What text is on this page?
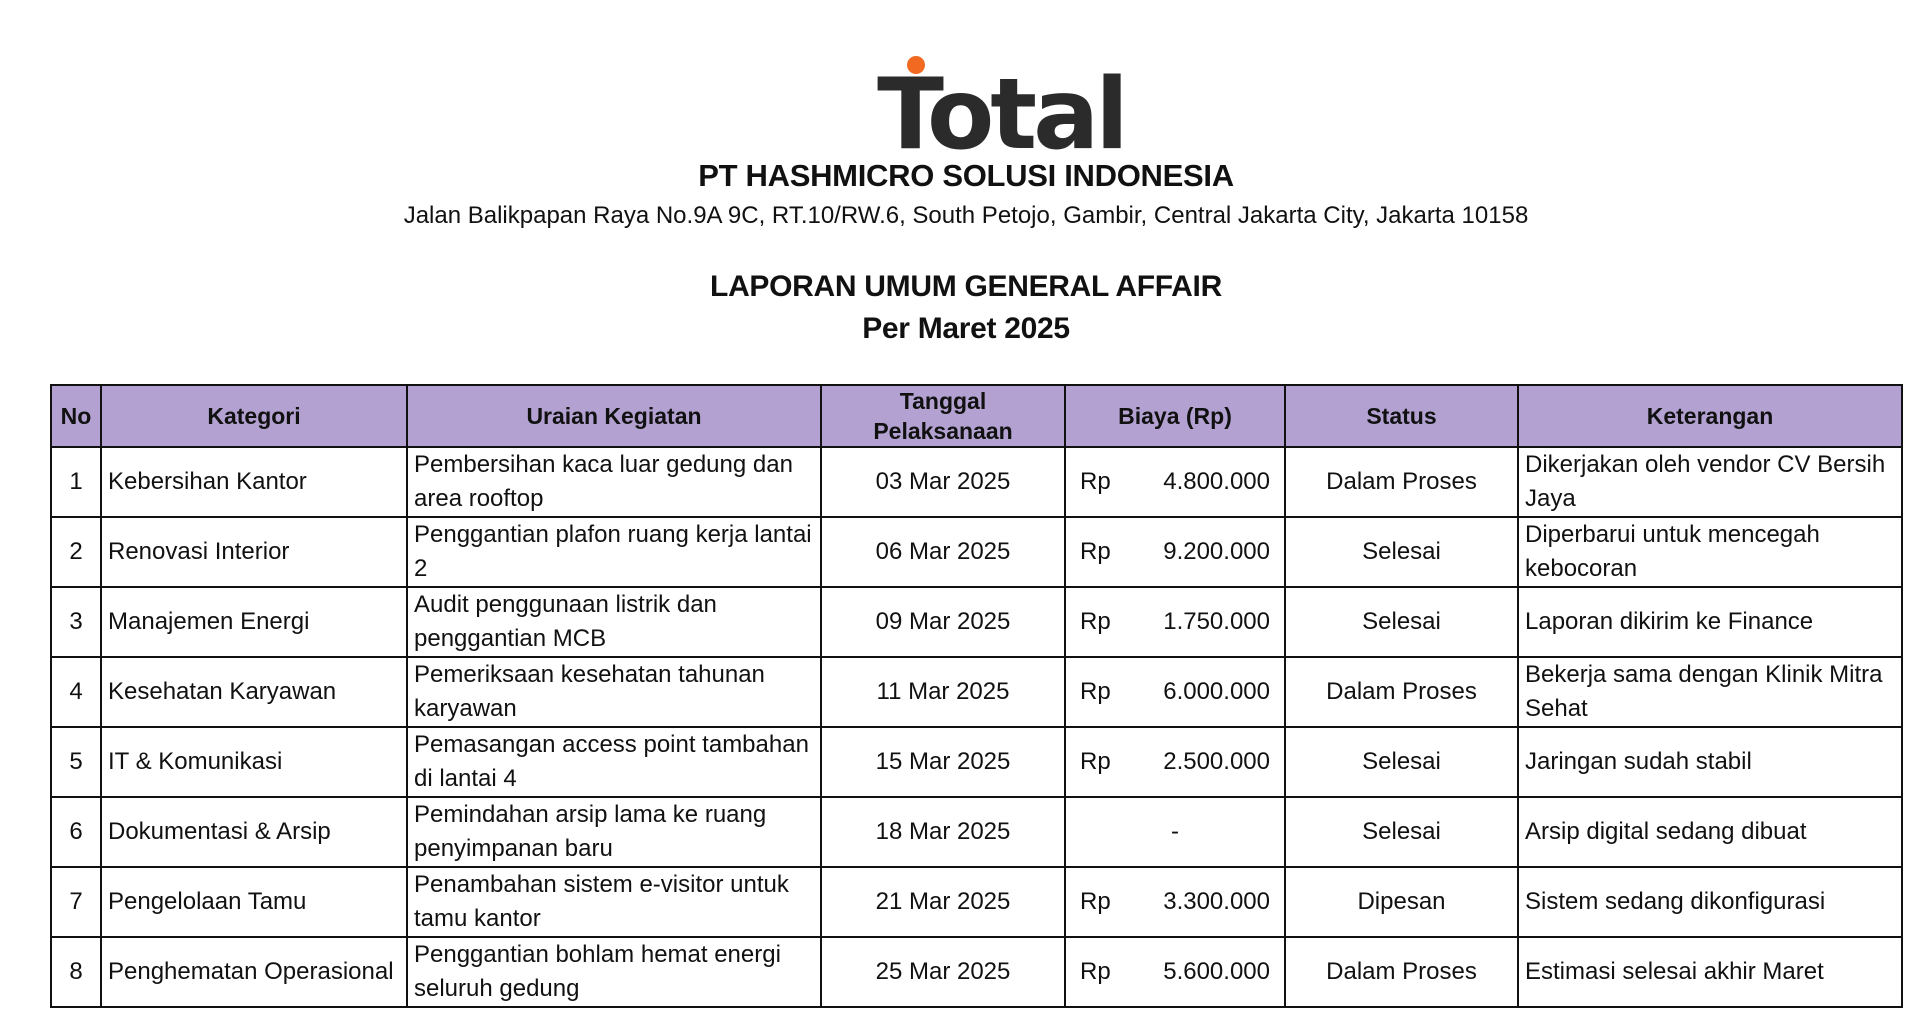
Total
PT HASHMICRO SOLUSI INDONESIA
Jalan Balikpapan Raya No.9A 9C, RT.10/RW.6, South Petojo, Gambir, Central Jakarta City, Jakarta 10158
LAPORAN UMUM GENERAL AFFAIR
Per Maret 2025
No	Kategori	Uraian Kegiatan	Tanggal Pelaksanaan	Biaya (Rp)	Status	Keterangan
1	Kebersihan Kantor	Pembersihan kaca luar gedung dan area rooftop	03 Mar 2025	Rp 4.800.000	Dalam Proses	Dikerjakan oleh vendor CV Bersih Jaya
2	Renovasi Interior	Penggantian plafon ruang kerja lantai 2	06 Mar 2025	Rp 9.200.000	Selesai	Diperbarui untuk mencegah kebocoran
3	Manajemen Energi	Audit penggunaan listrik dan penggantian MCB	09 Mar 2025	Rp 1.750.000	Selesai	Laporan dikirim ke Finance
4	Kesehatan Karyawan	Pemeriksaan kesehatan tahunan karyawan	11 Mar 2025	Rp 6.000.000	Dalam Proses	Bekerja sama dengan Klinik Mitra Sehat
5	IT & Komunikasi	Pemasangan access point tambahan di lantai 4	15 Mar 2025	Rp 2.500.000	Selesai	Jaringan sudah stabil
6	Dokumentasi & Arsip	Pemindahan arsip lama ke ruang penyimpanan baru	18 Mar 2025	-	Selesai	Arsip digital sedang dibuat
7	Pengelolaan Tamu	Penambahan sistem e-visitor untuk tamu kantor	21 Mar 2025	Rp 3.300.000	Dipesan	Sistem sedang dikonfigurasi
8	Penghematan Operasional	Penggantian bohlam hemat energi seluruh gedung	25 Mar 2025	Rp 5.600.000	Dalam Proses	Estimasi selesai akhir Maret
